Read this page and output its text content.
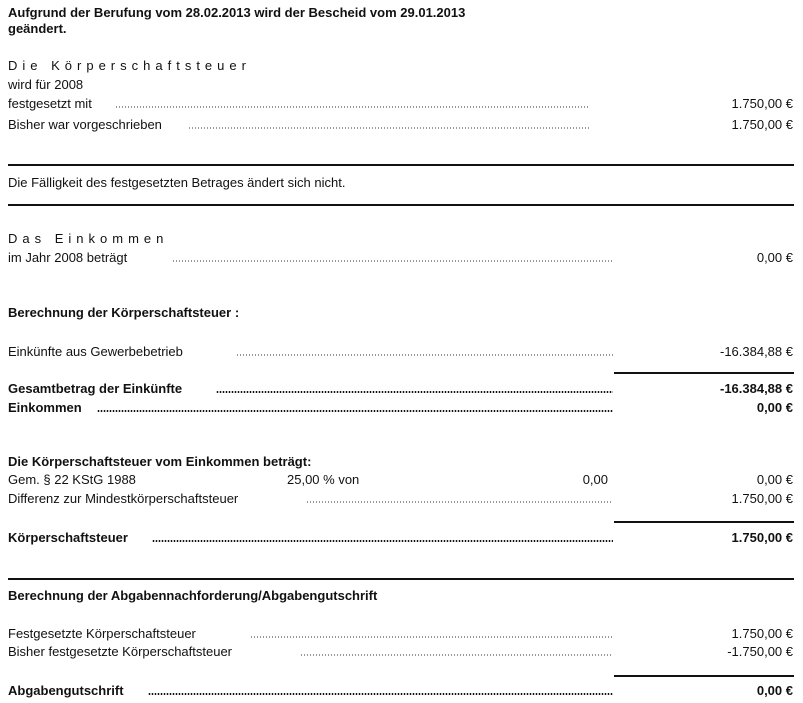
Aufgrund der Berufung vom 28.02.2013 wird der Bescheid vom 29.01.2013
geändert.
Die Körperschaftsteuer
wird für 2008
festgesetzt mit	1.750,00 €
Bisher war vorgeschrieben	1.750,00 €
Die Fälligkeit des festgesetzten Betrages ändert sich nicht.
Das Einkommen
im Jahr 2008 beträgt	0,00 €
Berechnung der Körperschaftsteuer :
Einkünfte aus Gewerbebetrieb	-16.384,88 €
Gesamtbetrag der Einkünfte	-16.384,88 €
Einkommen	0,00 €
Die Körperschaftsteuer vom Einkommen beträgt:
Gem. § 22 KStG 1988	25,00 % von	0,00	0,00 €
Differenz zur Mindestkörperschaftsteuer	1.750,00 €
Körperschaftsteuer	1.750,00 €
Berechnung der Abgabennachforderung/Abgabengutschrift
Festgesetzte Körperschaftsteuer	1.750,00 €
Bisher festgesetzte Körperschaftsteuer	-1.750,00 €
Abgabengutschrift	0,00 €
